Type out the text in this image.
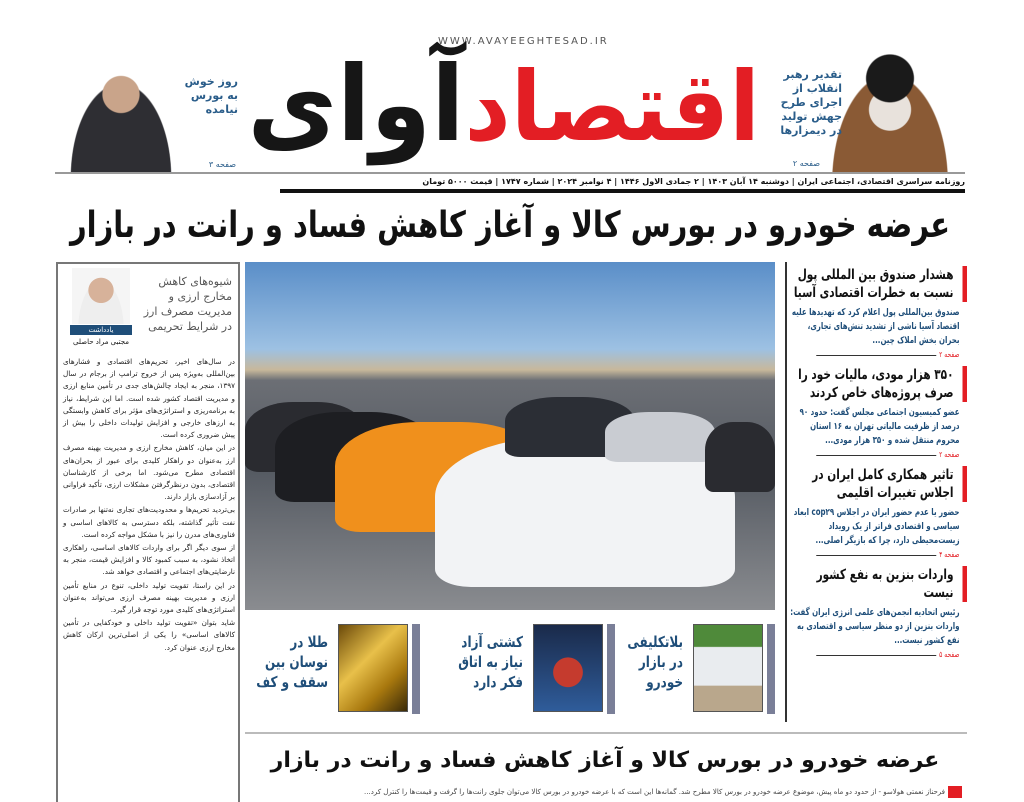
WWW.AVAYEEGHTESAD.IR
اقتصادآوای
روز خوش به بورس نیامده
صفحه ۳
تقدیر رهبر انقلاب از اجرای طرح جهش تولید در دیمزارها
صفحه ۲
روزنامه سراسری اقتصادی، اجتماعی ایران | دوشنبه ۱۴ آبان ۱۴۰۳ | ۲ جمادی الاول ۱۴۴۶ | ۴ نوامبر ۲۰۲۴ | شماره ۱۷۴۷ | قیمت ۵۰۰۰ تومان
عرضه خودرو در بورس کالا و آغاز کاهش فساد و رانت در بازار
یادداشت
مجتبی مراد حاصلی
شیوه‌های کاهش مخارج ارزی و مدیریت مصرف ارز در شرایط تحریمی

در سال‌های اخیر، تحریم‌های اقتصادی و فشارهای بین‌المللی به‌ویژه پس از خروج ترامپ از برجام در سال ۱۳۹۷، منجر به ایجاد چالش‌های جدی در تأمین منابع ارزی و مدیریت اقتصاد کشور شده است. اما این شرایط، نیاز به برنامه‌ریزی و استراتژی‌های مؤثر برای کاهش وابستگی به ارزهای خارجی و افزایش تولیدات داخلی را بیش از پیش ضروری کرده است.

در این میان، کاهش مخارج ارزی و مدیریت بهینه مصرف ارز به‌عنوان دو راهکار کلیدی برای عبور از بحران‌های اقتصادی مطرح می‌شود. اما برخی از کارشناسان اقتصادی، بدون درنظرگرفتن مشکلات ارزی، تأکید فراوانی بر آزادسازی بازار دارند.

بی‌تردید تحریم‌ها و محدودیت‌های تجاری نه‌تنها بر صادرات نفت تأثیر گذاشته، بلکه دسترسی به کالاهای اساسی و فناوری‌های مدرن را نیز با مشکل مواجه کرده است.

از سوی دیگر اگر برای واردات کالاهای اساسی، راهکاری اتخاذ نشود، به سبب کمبود کالا و افزایش قیمت، منجر به نارضایتی‌های اجتماعی و اقتصادی خواهد شد.

در این راستا، تقویت تولید داخلی، تنوع در منابع تأمین ارزی و مدیریت بهینه مصرف ارزی می‌تواند به‌عنوان استراتژی‌های کلیدی مورد توجه قرار گیرد.

شاید بتوان «تقویت تولید داخلی و خودکفایی در تأمین کالاهای اساسی» را یکی از اصلی‌ترین ارکان کاهش مخارج ارزی عنوان کرد.	بلاتکلیفی در بازار خودرو
کشتی آزاد نیاز به اتاق فکر دارد
طلا در نوسان بین سقف و کف
هشدار صندوق بین المللی پول نسبت به خطرات اقتصادی آسیا
صندوق بین‌المللی پول اعلام کرد که تهدیدها علیه اقتصاد آسیا ناشی از تشدید تنش‌های تجاری، بحران بخش املاک چین...
صفحه ۲
۳۵۰ هزار مودی، مالیات خود را صرف پروژه‌های خاص کردند
عضو کمیسیون اجتماعی مجلس گفت: حدود ۹۰ درصد از ظرفیت مالیاتی تهران به ۱۶ استان محروم منتقل شده و ۳۵۰ هزار مودی...
صفحه ۲
تاثیر همکاری کامل ایران در اجلاس تغییرات اقلیمی
حضور یا عدم حضور ایران در اجلاس cop۲۹ ابعاد سیاسی و اقتصادی فراتر از یک رویداد زیست‌محیطی دارد، چرا که بازیگر اصلی...
صفحه ۴
واردات بنزین به نفع کشور نیست
رئیس اتحادیه انجمن‌های علمی انرژی ایران گفت: واردات بنزین از دو منظر سیاسی و اقتصادی به نفع کشور نیست...
صفحه ۵
عرضه خودرو در بورس کالا و آغاز کاهش فساد و رانت در بازار
فرحناز نعمتی هولاسو - از حدود دو ماه پیش، موضوع عرضه خودرو در بورس کالا مطرح شد. گمانه‌ها این است که با عرضه خودرو در بورس کالا می‌توان جلوی رانت‌ها را گرفت و قیمت‌ها را کنترل کرد...
